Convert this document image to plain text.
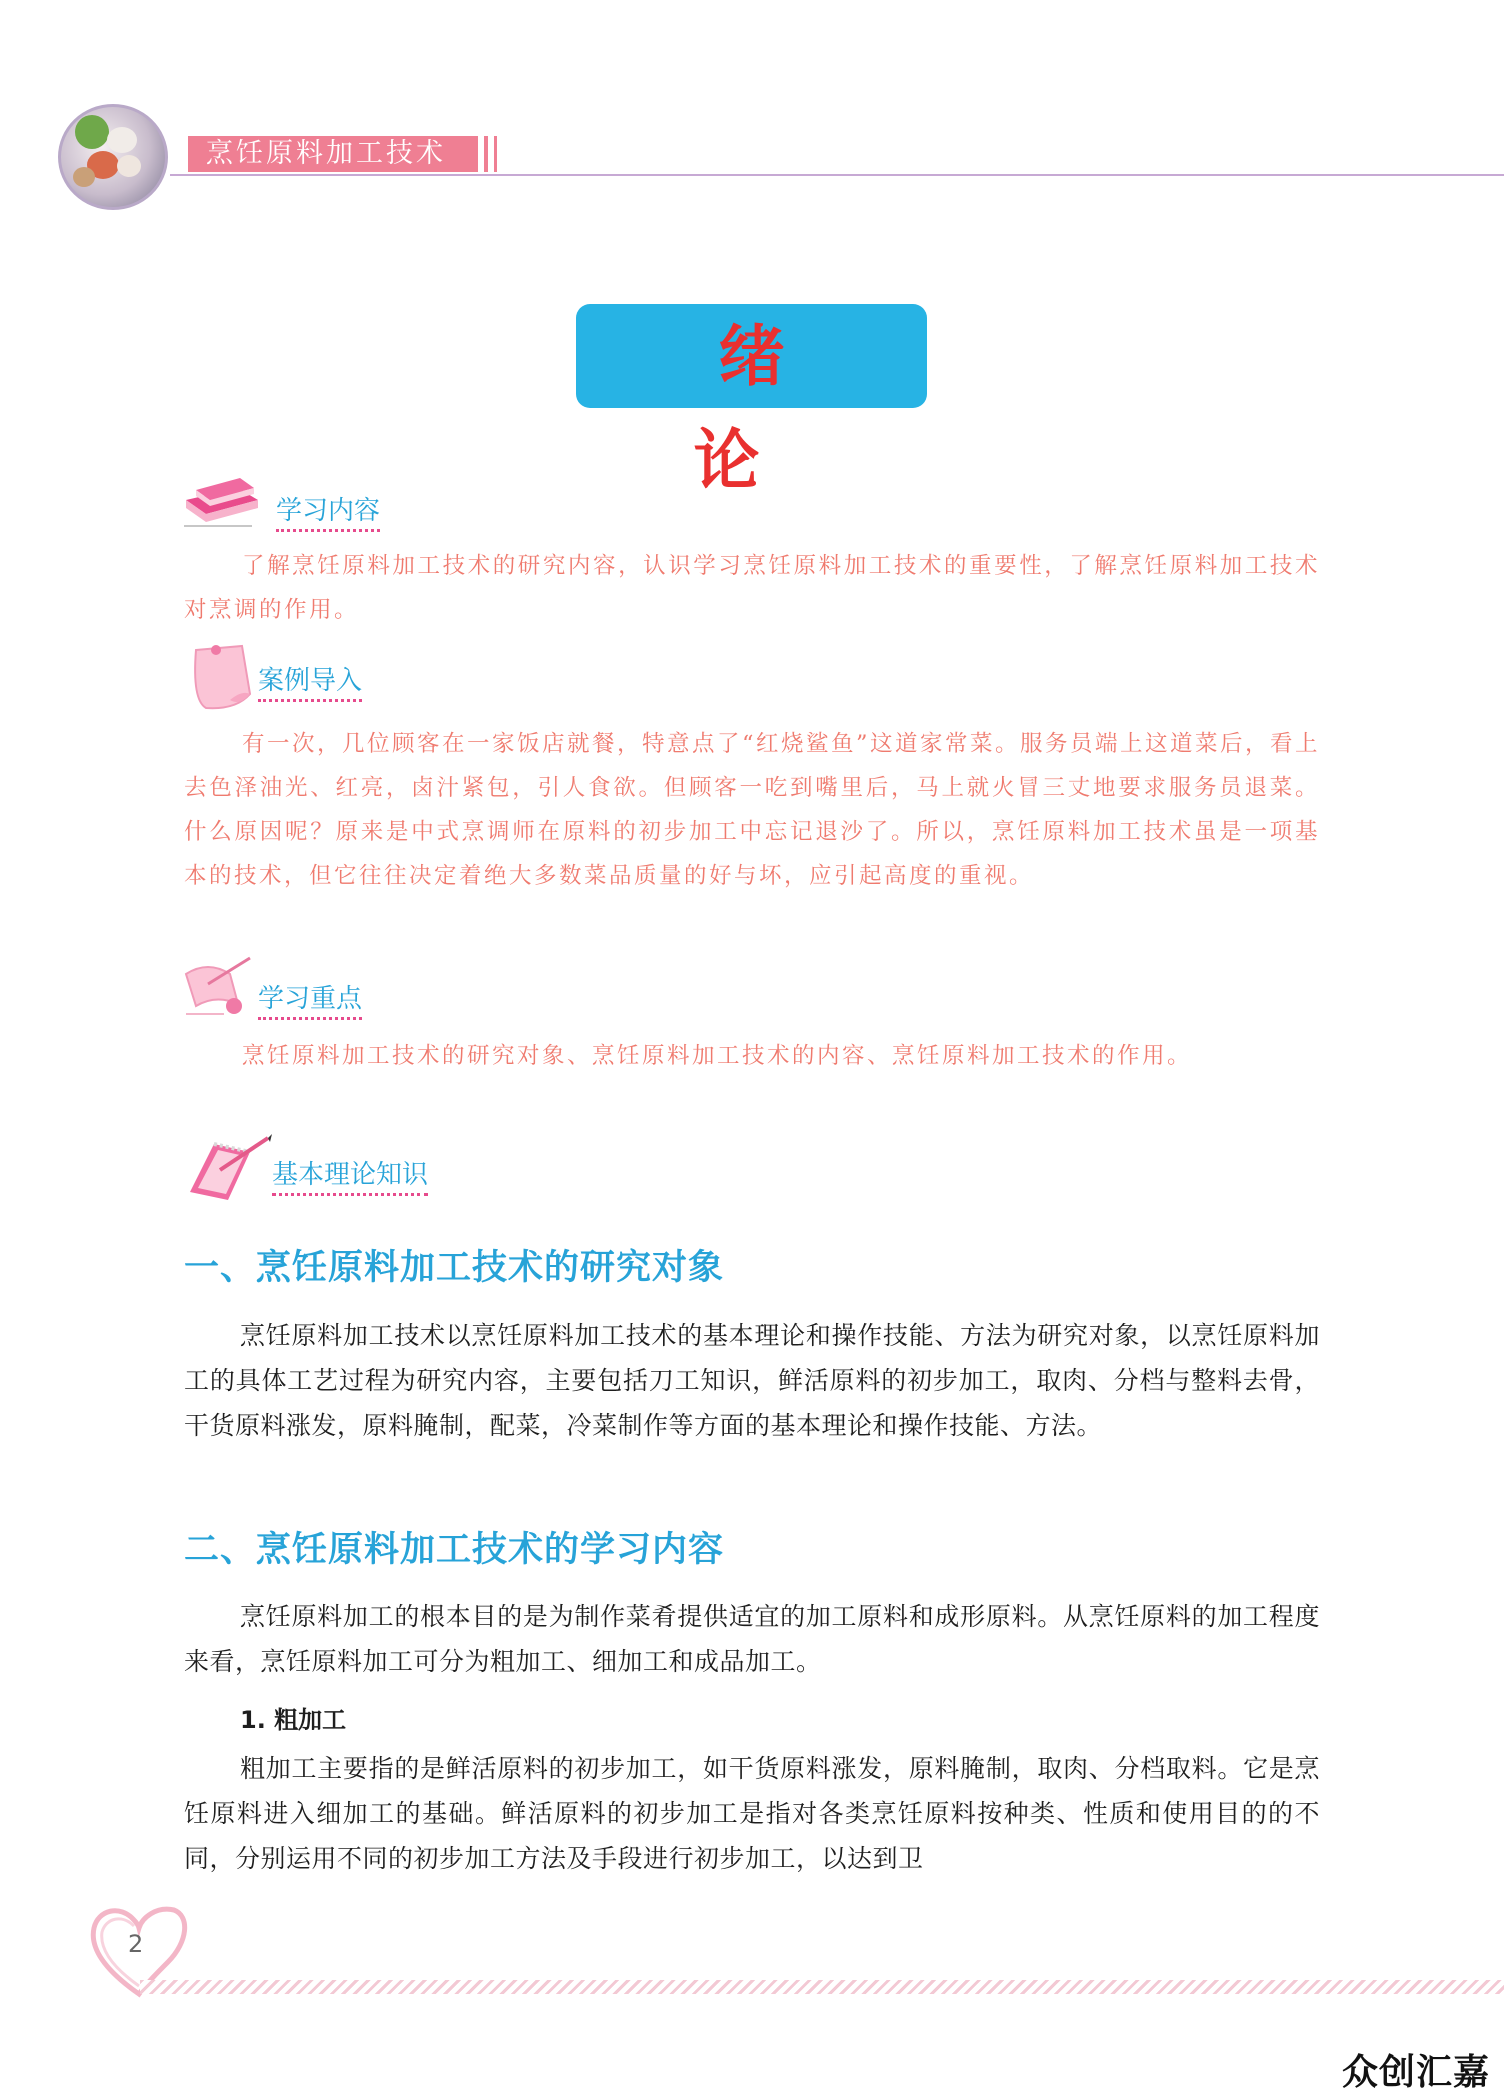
烹饪原料加工技术
绪　论
学习内容
了解烹饪原料加工技术的研究内容，认识学习烹饪原料加工技术的重要性，了解烹饪原料加工技术对烹调的作用。
案例导入
有一次，几位顾客在一家饭店就餐，特意点了“红烧鲨鱼”这道家常菜。服务员端上这道菜后，看上去色泽油光、红亮，卤汁紧包，引人食欲。但顾客一吃到嘴里后，马上就火冒三丈地要求服务员退菜。什么原因呢？原来是中式烹调师在原料的初步加工中忘记退沙了。所以，烹饪原料加工技术虽是一项基本的技术，但它往往决定着绝大多数菜品质量的好与坏，应引起高度的重视。
学习重点
烹饪原料加工技术的研究对象、烹饪原料加工技术的内容、烹饪原料加工技术的作用。
基本理论知识
一、烹饪原料加工技术的研究对象
烹饪原料加工技术以烹饪原料加工技术的基本理论和操作技能、方法为研究对象，以烹饪原料加工的具体工艺过程为研究内容，主要包括刀工知识，鲜活原料的初步加工，取肉、分档与整料去骨，干货原料涨发，原料腌制，配菜，冷菜制作等方面的基本理论和操作技能、方法。
二、烹饪原料加工技术的学习内容
烹饪原料加工的根本目的是为制作菜肴提供适宜的加工原料和成形原料。从烹饪原料的加工程度来看，烹饪原料加工可分为粗加工、细加工和成品加工。
1. 粗加工
粗加工主要指的是鲜活原料的初步加工，如干货原料涨发，原料腌制，取肉、分档取料。它是烹饪原料进入细加工的基础。鲜活原料的初步加工是指对各类烹饪原料按种类、性质和使用目的的不同，分别运用不同的初步加工方法及手段进行初步加工，以达到卫
2
众创汇嘉
